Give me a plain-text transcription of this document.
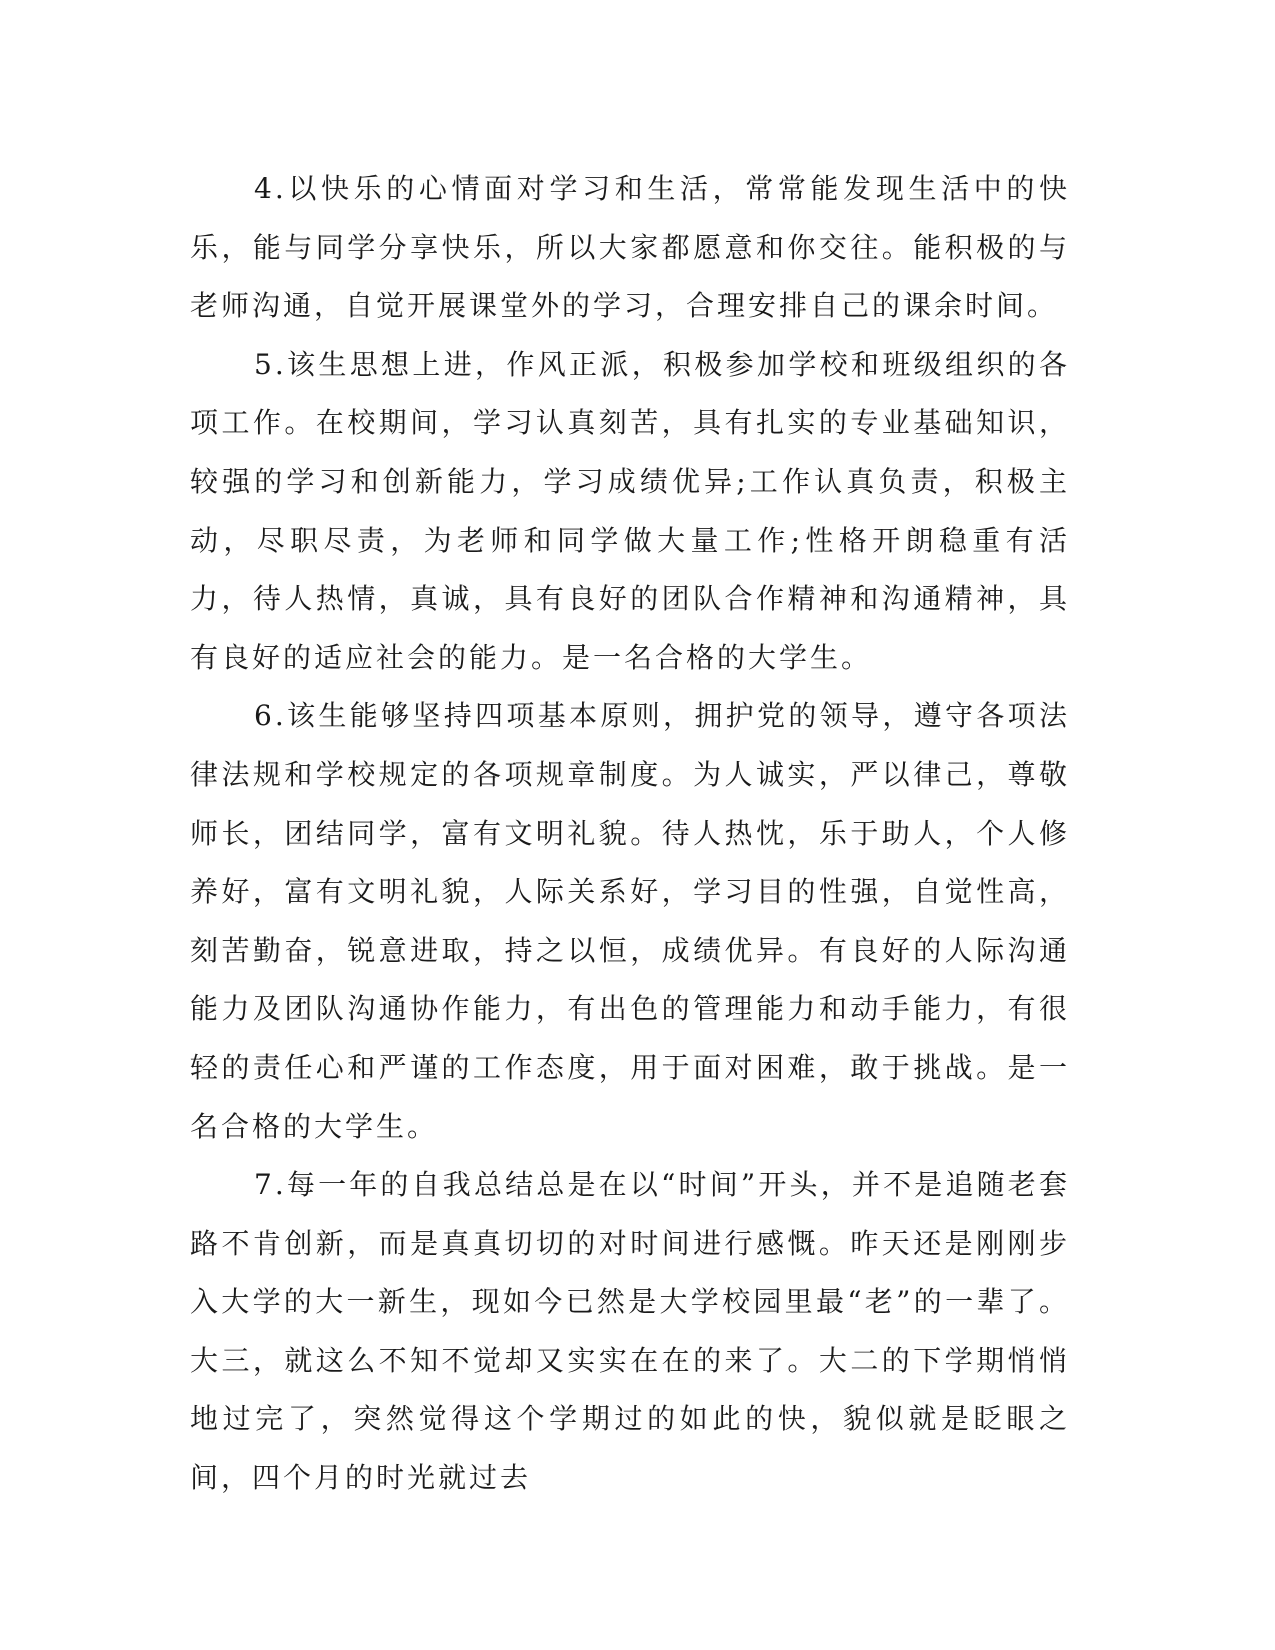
4.以快乐的心情面对学习和生活，常常能发现生活中的快乐，能与同学分享快乐，所以大家都愿意和你交往。能积极的与老师沟通，自觉开展课堂外的学习，合理安排自己的课余时间。

5.该生思想上进，作风正派，积极参加学校和班级组织的各项工作。在校期间，学习认真刻苦，具有扎实的专业基础知识，较强的学习和创新能力，学习成绩优异;工作认真负责，积极主动，尽职尽责，为老师和同学做大量工作;性格开朗稳重有活力，待人热情，真诚，具有良好的团队合作精神和沟通精神，具有良好的适应社会的能力。是一名合格的大学生。

6.该生能够坚持四项基本原则，拥护党的领导，遵守各项法律法规和学校规定的各项规章制度。为人诚实，严以律己，尊敬师长，团结同学，富有文明礼貌。待人热忱，乐于助人，个人修养好，富有文明礼貌，人际关系好，学习目的性强，自觉性高，刻苦勤奋，锐意进取，持之以恒，成绩优异。有良好的人际沟通能力及团队沟通协作能力，有出色的管理能力和动手能力，有很轻的责任心和严谨的工作态度，用于面对困难，敢于挑战。是一名合格的大学生。

7.每一年的自我总结总是在以“时间”开头，并不是追随老套路不肯创新，而是真真切切的对时间进行感慨。昨天还是刚刚步入大学的大一新生，现如今已然是大学校园里最“老”的一辈了。大三，就这么不知不觉却又实实在在的来了。大二的下学期悄悄地过完了，突然觉得这个学期过的如此的快，貌似就是眨眼之间，四个月的时光就过去
